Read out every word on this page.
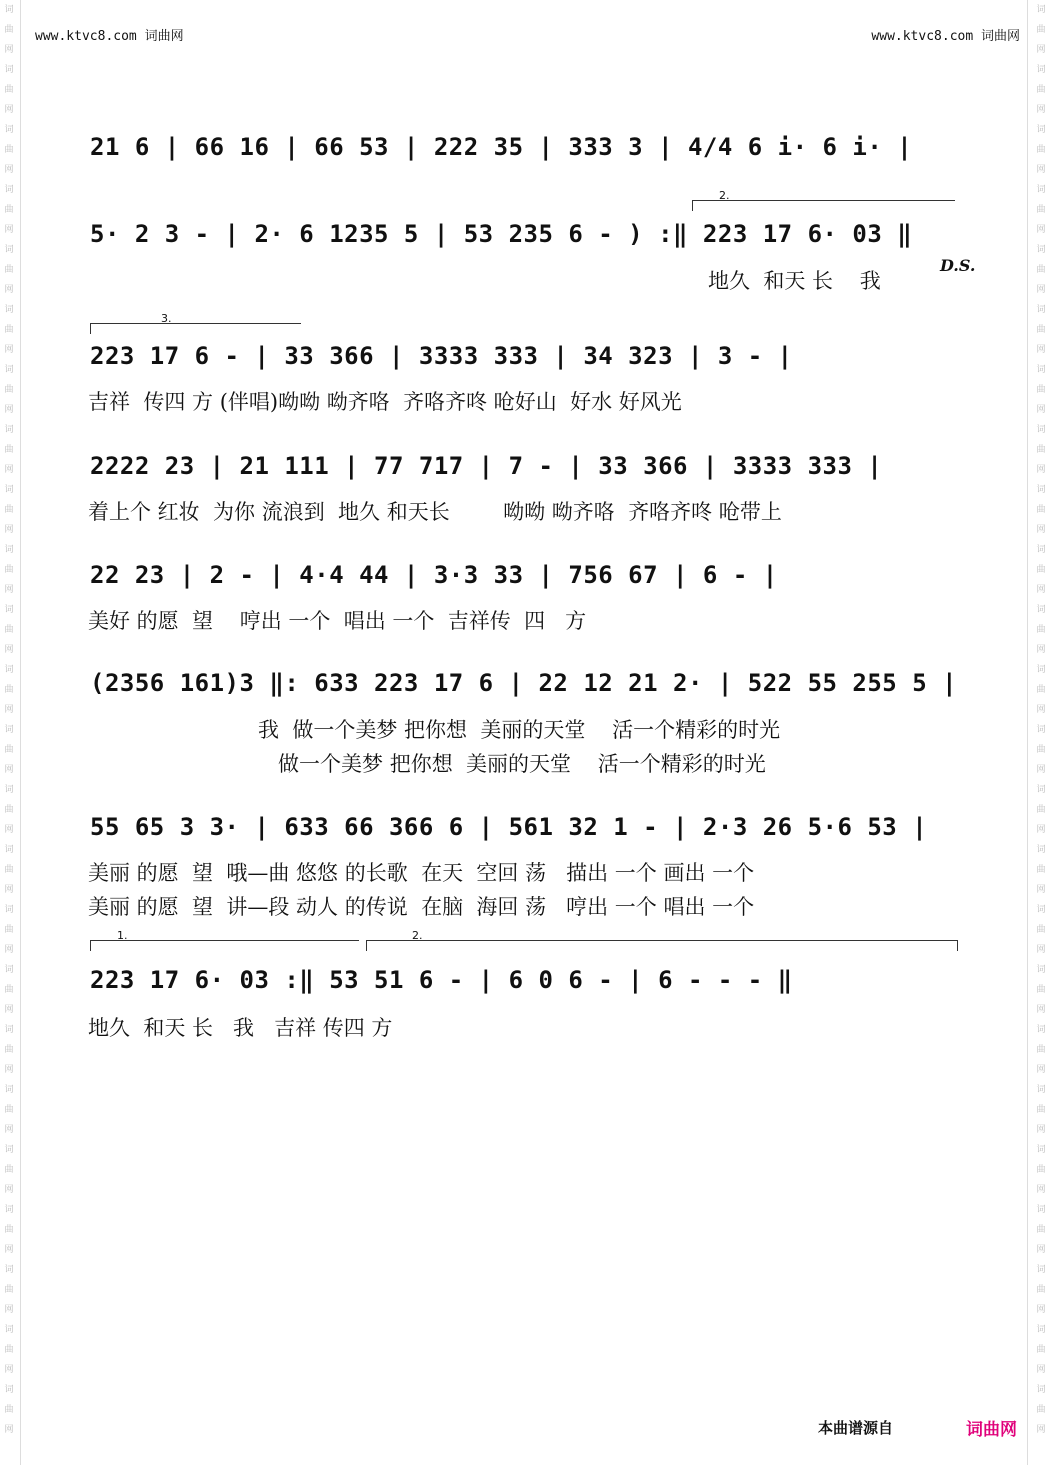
www.ktvc8.com 词曲网	www.ktvc8.com 词曲网
21 6 | 66 16 | 66 53 | 222 35 | 333 3 | 4/4 6 i· 6 i· |
2.
5· 2 3 - | 2· 6 1235 5 | 53 235 6 - ) :‖ 223 17 6· 03 ‖
地久  和天 长    我
D.S.
3.
223 17 6 - | 33 366 | 3333 333 | 34 323 | 3 - |
吉祥  传四 方 (伴唱)呦呦 呦齐咯  齐咯齐咚 呛好山  好水 好风光
2222 23 | 21 111 | 77 717 | 7 - | 33 366 | 3333 333 |
着上个 红妆  为你 流浪到  地久 和天长        呦呦 呦齐咯  齐咯齐咚 呛带上
22 23 | 2 - | 4·4 44 | 3·3 33 | 756 67 | 6 - |
美好 的愿  望    哼出 一个  唱出 一个  吉祥传  四   方
(2356 161)3 ‖: 633 223 17 6 | 22 12 21 2· | 522 55 255 5 |
我  做一个美梦 把你想  美丽的天堂    活一个精彩的时光
做一个美梦 把你想  美丽的天堂    活一个精彩的时光
55 65 3 3· | 633 66 366 6 | 561 32 1 - | 2·3 26 5·6 53 |
美丽 的愿  望  哦—曲 悠悠 的长歌  在天  空回 荡   描出 一个 画出 一个
美丽 的愿  望  讲—段 动人 的传说  在脑  海回 荡   哼出 一个 唱出 一个
1.	2.
223 17 6· 03 :‖ 53 51 6 - | 6 0 6 - | 6 - - - ‖
地久  和天 长   我   吉祥 传四 方
本曲谱源自	词曲网
词曲网词曲网词曲网词曲网词曲网词曲网词曲网词曲网词曲网词曲网词曲网词曲网词曲网词曲网词曲网词曲网词曲网词曲网词曲网词曲网词曲网词曲网词曲网词曲网
词曲网词曲网词曲网词曲网词曲网词曲网词曲网词曲网词曲网词曲网词曲网词曲网词曲网词曲网词曲网词曲网词曲网词曲网词曲网词曲网词曲网词曲网词曲网词曲网
